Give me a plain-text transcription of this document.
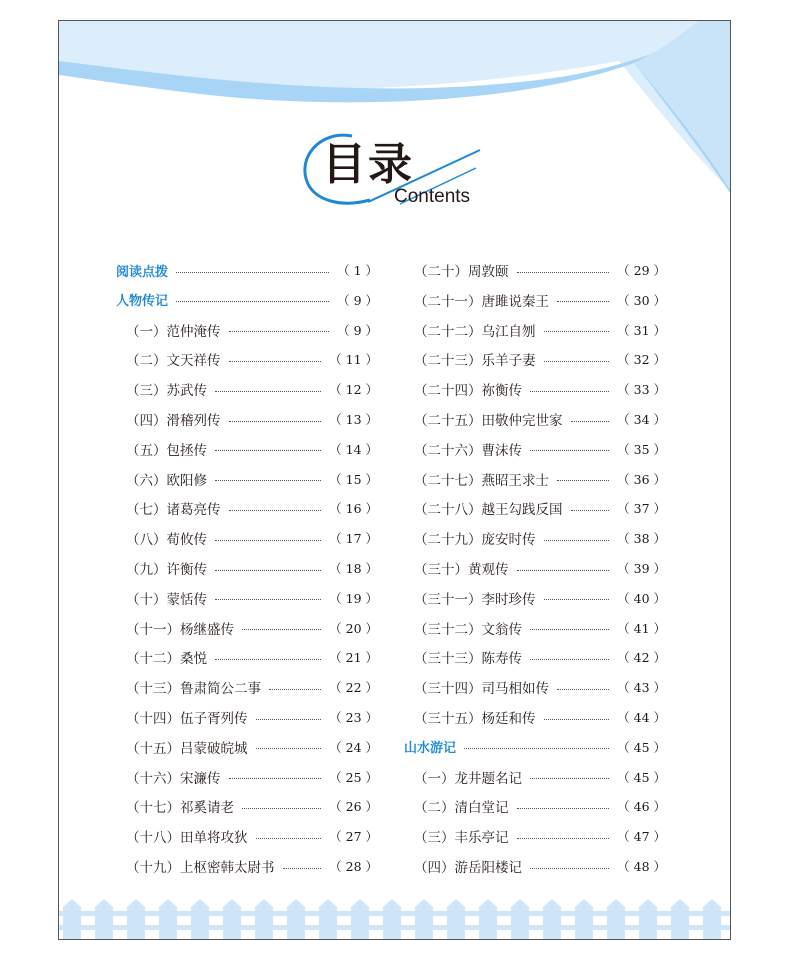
目录
Contents
阅读点拨	（ 1 ）
人物传记	（ 9 ）
（一）范仲淹传	（ 9 ）
（二）文天祥传	（ 11 ）
（三）苏武传	（ 12 ）
（四）滑稽列传	（ 13 ）
（五）包拯传	（ 14 ）
（六）欧阳修	（ 15 ）
（七）诸葛亮传	（ 16 ）
（八）荀攸传	（ 17 ）
（九）许衡传	（ 18 ）
（十）蒙恬传	（ 19 ）
（十一）杨继盛传	（ 20 ）
（十二）桑悦	（ 21 ）
（十三）鲁肃简公二事	（ 22 ）
（十四）伍子胥列传	（ 23 ）
（十五）吕蒙破皖城	（ 24 ）
（十六）宋濂传	（ 25 ）
（十七）祁奚请老	（ 26 ）
（十八）田单将攻狄	（ 27 ）
（十九）上枢密韩太尉书	（ 28 ）
（二十）周敦颐	（ 29 ）
（二十一）唐雎说秦王	（ 30 ）
（二十二）乌江自刎	（ 31 ）
（二十三）乐羊子妻	（ 32 ）
（二十四）祢衡传	（ 33 ）
（二十五）田敬仲完世家	（ 34 ）
（二十六）曹沫传	（ 35 ）
（二十七）燕昭王求士	（ 36 ）
（二十八）越王勾践反国	（ 37 ）
（二十九）庞安时传	（ 38 ）
（三十）黄观传	（ 39 ）
（三十一）李时珍传	（ 40 ）
（三十二）文翁传	（ 41 ）
（三十三）陈寿传	（ 42 ）
（三十四）司马相如传	（ 43 ）
（三十五）杨廷和传	（ 44 ）
山水游记	（ 45 ）
（一）龙井题名记	（ 45 ）
（二）清白堂记	（ 46 ）
（三）丰乐亭记	（ 47 ）
（四）游岳阳楼记	（ 48 ）
